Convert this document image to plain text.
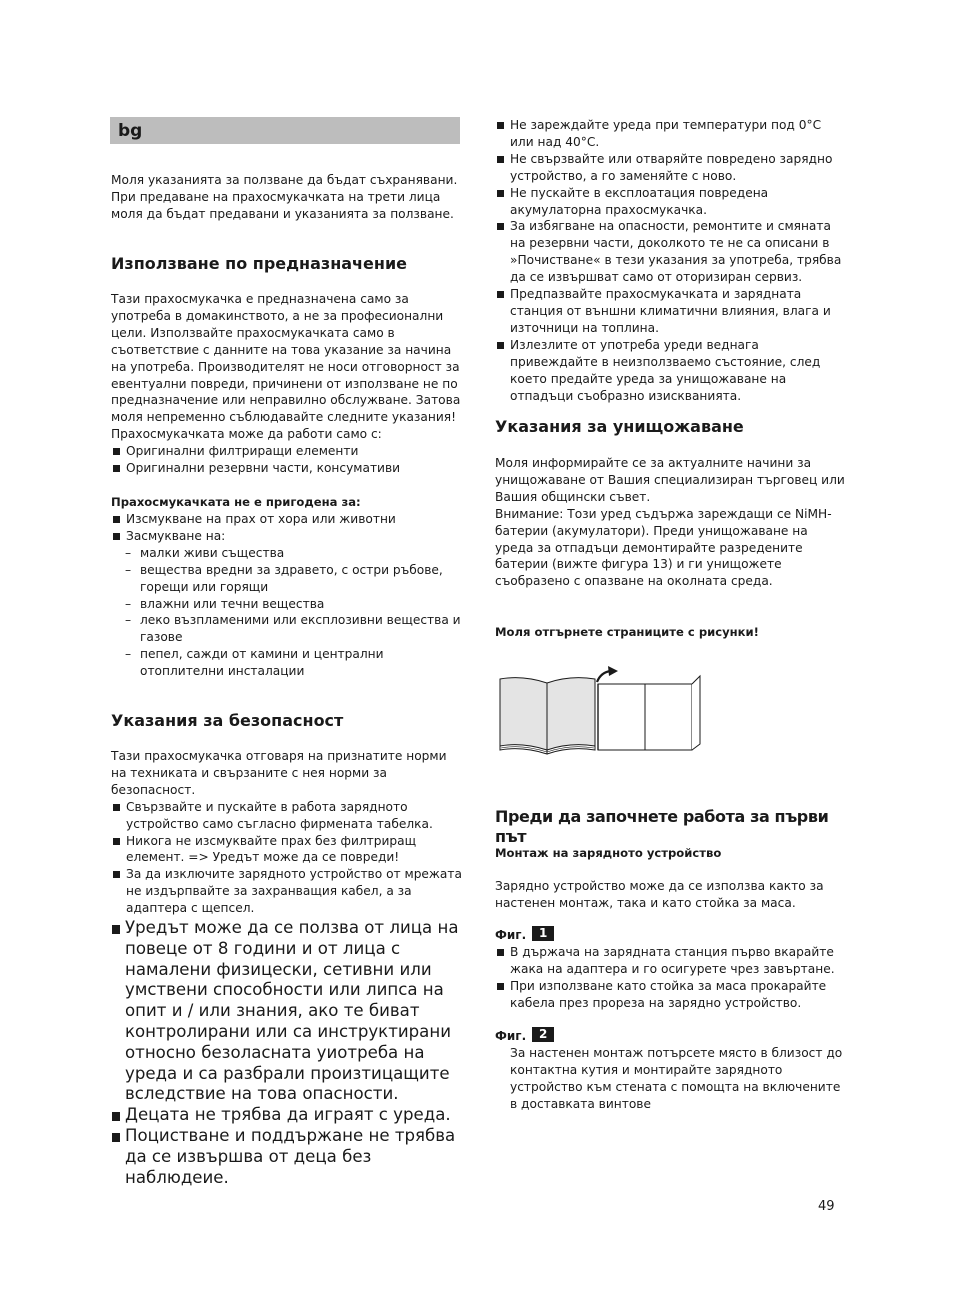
bg

Моля указанията за ползване да бъдат съхранявани. При предаване на прахосмукачката на трети лица моля да бъдат предавани и указанията за ползване.

Използване по предназначение

Тази прахосмукачка е предназначена само за употреба в домакинството, а не за професионални цели. Използвайте прахосмукачката само в съответствие с данните на това указание за начина на употреба. Производителят не носи отговорност за евентуални повреди, причинени от използване не по предназначение или неправилно обслужване. Затова моля непременно съблюдавайте следните указания! Прахосмукачката може да работи само с:

Оригинални филтриращи елементи
Оригинални резервни части, консумативи
Прахосмукачката не е пригодена за:
Изсмукване на прах от хора или животни
Засмукване на:
– малки живи същества
– вещества вредни за здравето, с остри ръбове, горещи или горящи
– влажни или течни вещества
– леко възпламеними или експлозивни вещества и газове
– пепел, сажди от камини и централни отоплителни инсталации
Указания за безопасност

Тази прахосмукачка отговаря на признатите норми на техниката и свързаните с нея норми за безопасност.

Свързвайте и пускайте в работа зарядното устройство само съгласно фирмената табелка.
Никога не изсмуквайте прах без филтриращ елемент. => Уредът може да се повреди!
За да изключите зарядното устройство от мрежата не издърпвайте за захранващия кабел, а за адаптера с щепсел.
Уредът може да се ползва от лица на повеце от 8 години и от лица с намалени физицески, сетивни или умствени способности или липса на опит и / или знания, ако те биват контролирани или са инструктирани относно безоласната уиотреба на уреда и са разбрали произтицащите вследствие на това опасности.
Децата не трябва да играят с уреда.
Поцистване и поддържане не трябва да се извършва от деца без наблюдеие.
Не зареждайте уреда при температури под 0°C или над 40°C.
Не свързвайте или отваряйте повредено зарядно устройство, а го заменяйте с ново.
Не пускайте в експлоатация повредена акумулаторна прахосмукачка.
За избягване на опасности, ремонтите и смяната на резервни части, доколкото те не са описани в »Почистване« в тези указания за употреба, трябва да се извършват само от оторизиран сервиз.
Предпазвайте прахосмукачката и зарядната станция от външни климатични влияния, влага и източници на топлина.
Излезлите от употреба уреди веднага привеждайте в неизползваемо състояние, след което предайте уреда за унищожаване на отпадъци съобразно изискванията.
Указания за унищожаване

Моля информирайте се за актуалните начини за унищожаване от Вашия специализиран търговец или Вашия общински съвет.

Внимание: Този уред съдържа зареждащи се NiMH-батерии (акумулатори). Преди унищожаване на уреда за отпадъци демонтирайте разредените батерии (вижте фигура 13) и ги унищожете съобразено с опазване на околната среда.

Моля отгърнете страниците с рисунки!
Преди да започнете работа за първи път
Монтаж на зарядното устройство

Зарядно устройство може да се използва както за настенен монтаж, така и като стойка за маса.

Фиг. 1
В държача на зарядната станция първо вкарайте жака на адаптера и го осигурете чрез завъртане.
При използване като стойка за маса прокарайте кабела през прореза на зарядно устройство.
Фиг. 2

За настенен монтаж потърсете място в близост до контактна кутия и монтирайте зарядното устройство към стената с помощта на включените в доставката винтове

49
